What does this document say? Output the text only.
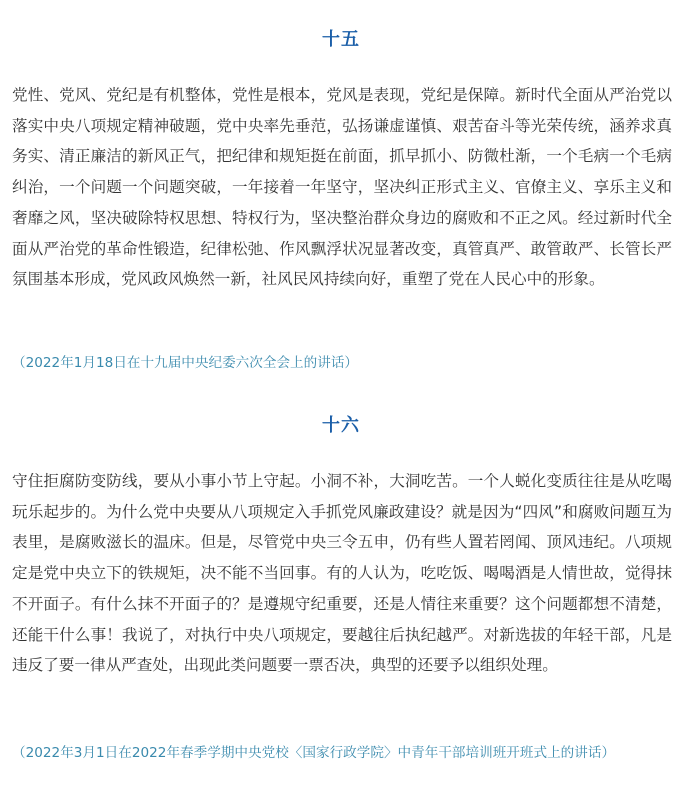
十五

党性、党风、党纪是有机整体，党性是根本，党风是表现，党纪是保障。新时代全面从严治党以落实中央八项规定精神破题，党中央率先垂范，弘扬谦虚谨慎、艰苦奋斗等光荣传统，涵养求真务实、清正廉洁的新风正气，把纪律和规矩挺在前面，抓早抓小、防微杜渐，一个毛病一个毛病纠治，一个问题一个问题突破，一年接着一年坚守，坚决纠正形式主义、官僚主义、享乐主义和奢靡之风，坚决破除特权思想、特权行为，坚决整治群众身边的腐败和不正之风。经过新时代全面从严治党的革命性锻造，纪律松弛、作风飘浮状况显著改变，真管真严、敢管敢严、长管长严氛围基本形成，党风政风焕然一新，社风民风持续向好，重塑了党在人民心中的形象。

（2022年1月18日在十九届中央纪委六次全会上的讲话）

十六

守住拒腐防变防线，要从小事小节上守起。小洞不补，大洞吃苦。一个人蜕化变质往往是从吃喝玩乐起步的。为什么党中央要从八项规定入手抓党风廉政建设？就是因为“四风”和腐败问题互为表里，是腐败滋长的温床。但是，尽管党中央三令五申，仍有些人置若罔闻、顶风违纪。八项规定是党中央立下的铁规矩，决不能不当回事。有的人认为，吃吃饭、喝喝酒是人情世故，觉得抹不开面子。有什么抹不开面子的？是遵规守纪重要，还是人情往来重要？这个问题都想不清楚，还能干什么事！我说了，对执行中央八项规定，要越往后执纪越严。对新选拔的年轻干部，凡是违反了要一律从严查处，出现此类问题要一票否决，典型的还要予以组织处理。

（2022年3月1日在2022年春季学期中央党校〈国家行政学院〉中青年干部培训班开班式上的讲话）
